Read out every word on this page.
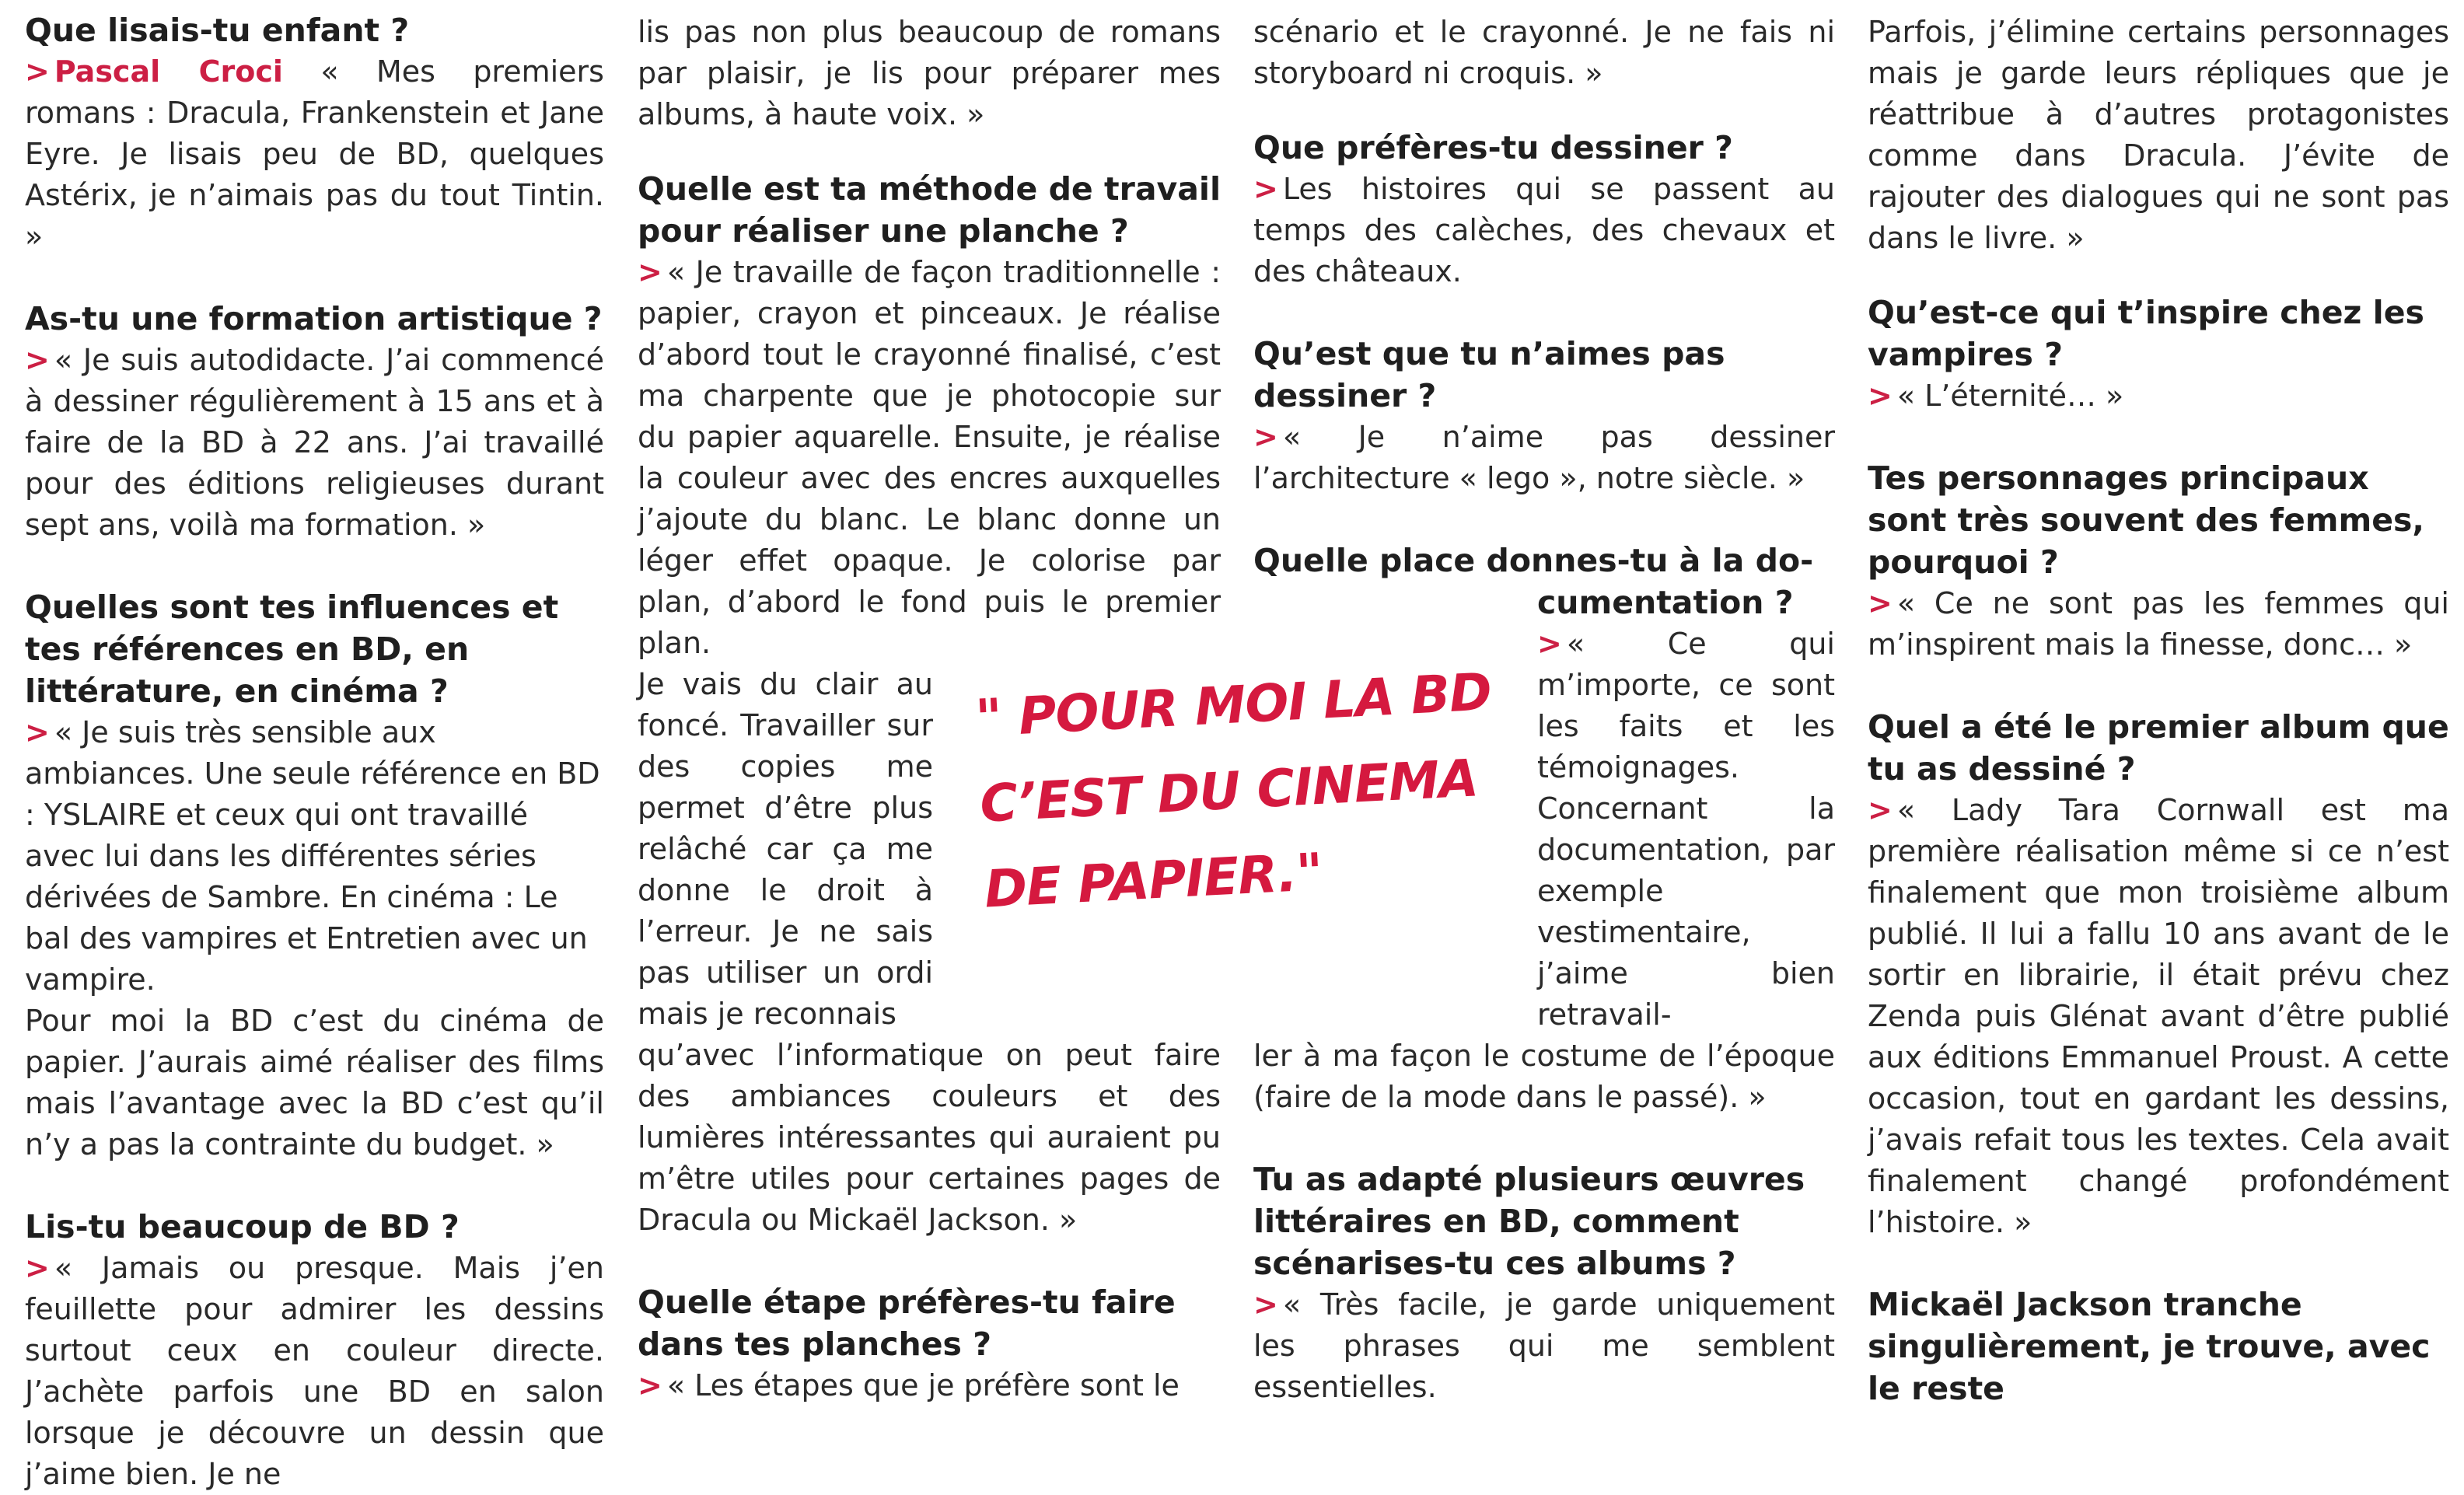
Que lisais-tu enfant ?

> Pascal Croci « Mes premiers romans : Dracula, Frankenstein et Jane Eyre. Je lisais peu de BD, quelques Astérix, je n’aimais pas du tout Tintin. »

As-tu une formation artistique ?

> « Je suis autodidacte. J’ai commencé à dessiner régulièrement à 15 ans et à faire de la BD à 22 ans. J’ai travaillé pour des éditions religieuses durant sept ans, voilà ma formation. »

Quelles sont tes influences et tes références en BD, en littérature, en cinéma ?

> « Je suis très sensible aux ambiances. Une seule référence en BD : YSLAIRE et ceux qui ont travaillé avec lui dans les différentes séries dérivées de Sambre. En cinéma : Le bal des vampires et Entretien avec un vampire.

Pour moi la BD c’est du cinéma de papier. J’aurais aimé réaliser des films mais l’avantage avec la BD c’est qu’il n’y a pas la contrainte du budget. »

Lis-tu beaucoup de BD ?

> « Jamais ou presque. Mais j’en feuillette pour admirer les dessins surtout ceux en couleur directe. J’achète parfois une BD en salon lorsque je découvre un dessin que j’aime bien. Je ne

lis pas non plus beaucoup de romans par plaisir, je lis pour préparer mes albums, à haute voix. »

Quelle est ta méthode de travail pour réaliser une planche ?

> « Je travaille de façon traditionnelle : papier, crayon et pinceaux. Je réalise d’abord tout le crayonné finalisé, c’est ma charpente que je photocopie sur du papier aquarelle. Ensuite, je réalise la couleur avec des encres auxquelles j’ajoute du blanc. Le blanc donne un léger effet opaque. Je colorise par plan, d’abord le fond puis le premier plan.

Je vais du clair au foncé. Travailler sur des copies me permet d’être plus relâché car ça me donne le droit à l’erreur. Je ne sais pas utiliser un ordi mais je reconnais

qu’avec l’informatique on peut faire des ambiances couleurs et des lumières intéressantes qui auraient pu m’être utiles pour certaines pages de Dracula ou Mickaël Jackson. »

Quelle étape préfères-tu faire dans tes planches ?

> « Les étapes que je préfère sont le

scénario et le crayonné. Je ne fais ni storyboard ni croquis. »

Que préfères-tu dessiner ?

> Les histoires qui se passent au temps des calèches, des chevaux et des châteaux.

Qu’est que tu n’aimes pas dessiner ?

> « Je n’aime pas dessiner l’architecture « lego », notre siècle. »

Quelle place donnes-tu à la do-
cumentation ?

> « Ce qui m’importe, ce sont les faits et les témoignages. Concernant la documentation, par exemple vestimentaire, j’aime bien retravail-

ler à ma façon le costume de l’époque (faire de la mode dans le passé). »

Tu as adapté plusieurs œuvres littéraires en BD, comment scénarises-tu ces albums ?

> « Très facile, je garde uniquement les phrases qui me semblent essentielles.

Parfois, j’élimine certains personnages mais je garde leurs répliques que je réattribue à d’autres protagonistes comme dans Dracula. J’évite de rajouter des dialogues qui ne sont pas dans le livre. »

Qu’est-ce qui t’inspire chez les vampires ?

> « L’éternité… »

Tes personnages principaux sont très souvent des femmes, pourquoi ?

> « Ce ne sont pas les femmes qui m’inspirent mais la finesse, donc… »

Quel a été le premier album que tu as dessiné ?

> « Lady Tara Cornwall est ma première réalisation même si ce n’est finalement que mon troisième album publié. Il lui a fallu 10 ans avant de le sortir en librairie, il était prévu chez Zenda puis Glénat avant d’être publié aux éditions Emmanuel Proust. A cette occasion, tout en gardant les dessins, j’avais refait tous les textes. Cela avait finalement changé profondément l’histoire. »

Mickaël Jackson tranche singulièrement, je trouve, avec le reste
" POUR MOI LA BD
C’EST DU CINEMA
DE PAPIER."
